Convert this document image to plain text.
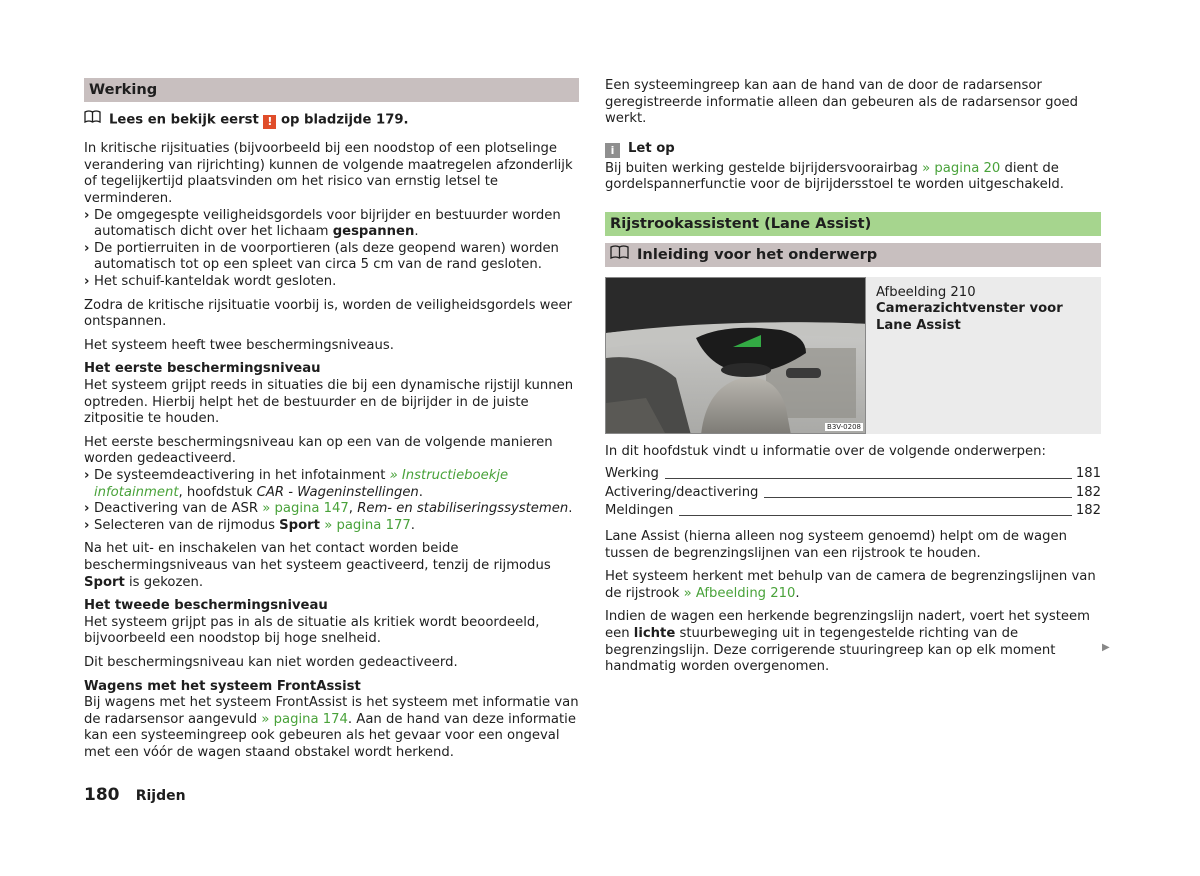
Werking

Lees en bekijk eerst ! op bladzijde 179.

In kritische rijsituaties (bijvoorbeeld bij een noodstop of een plotselinge verandering van rijrichting) kunnen de volgende maatregelen afzonderlijk of tegelijkertijd plaatsvinden om het risico van ernstig letsel te verminderen.

› De omgegespte veiligheidsgordels voor bijrijder en bestuurder worden automatisch dicht over het lichaam gespannen.
› De portierruiten in de voorportieren (als deze geopend waren) worden automatisch tot op een spleet van circa 5 cm van de rand gesloten.
› Het schuif-kanteldak wordt gesloten.

Zodra de kritische rijsituatie voorbij is, worden de veiligheidsgordels weer ontspannen.

Het systeem heeft twee beschermingsniveaus.

Het eerste beschermingsniveau

Het systeem grijpt reeds in situaties die bij een dynamische rijstijl kunnen optreden. Hierbij helpt het de bestuurder en de bijrijder in de juiste zitpositie te houden.

Het eerste beschermingsniveau kan op een van de volgende manieren worden gedeactiveerd.

› De systeemdeactivering in het infotainment » Instructieboekje infotainment, hoofdstuk CAR - Wageninstellingen.
› Deactivering van de ASR » pagina 147, Rem- en stabiliseringssystemen.
› Selecteren van de rijmodus Sport » pagina 177.

Na het uit- en inschakelen van het contact worden beide beschermingsniveaus van het systeem geactiveerd, tenzij de rijmodus Sport is gekozen.

Het tweede beschermingsniveau

Het systeem grijpt pas in als de situatie als kritiek wordt beoordeeld, bijvoorbeeld een noodstop bij hoge snelheid.

Dit beschermingsniveau kan niet worden gedeactiveerd.

Wagens met het systeem FrontAssist

Bij wagens met het systeem FrontAssist is het systeem met informatie van de radarsensor aangevuld » pagina 174. Aan de hand van deze informatie kan een systeemingreep ook gebeuren als het gevaar voor een ongeval met een vóór de wagen staand obstakel wordt herkend.

Een systeemingreep kan aan de hand van de door de radarsensor geregistreerde informatie alleen dan gebeuren als de radarsensor goed werkt.

i Let op

Bij buiten werking gestelde bijrijdersvoorairbag » pagina 20 dient de gordelspannerfunctie voor de bijrijdersstoel te worden uitgeschakeld.

Rijstrookassistent (Lane Assist)
Inleiding voor het onderwerp
B3V-0208
Afbeelding 210
Camerazichtvenster voor Lane Assist

In dit hoofdstuk vindt u informatie over de volgende onderwerpen:

Werking	181
Activering/deactivering	182
Meldingen	182

Lane Assist (hierna alleen nog systeem genoemd) helpt om de wagen tussen de begrenzingslijnen van een rijstrook te houden.

Het systeem herkent met behulp van de camera de begrenzingslijnen van de rijstrook » Afbeelding 210.

Indien de wagen een herkende begrenzingslijn nadert, voert het systeem een lichte stuurbeweging uit in tegengestelde richting van de begrenzingslijn. Deze corrigerende stuuringreep kan op elk moment handmatig worden overgenomen.

▶
180 Rijden
